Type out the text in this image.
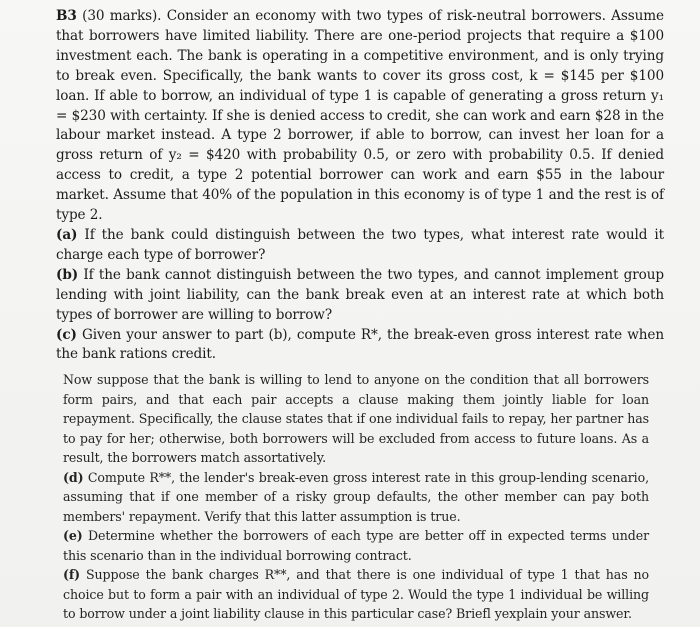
B3 (30 marks). Consider an economy with two types of risk-neutral borrowers. Assume that borrowers have limited liability. There are one-period projects that require a $100 investment each. The bank is operating in a competitive environment, and is only trying to break even. Specifically, the bank wants to cover its gross cost, k = $145 per $100 loan. If able to borrow, an individual of type 1 is capable of generating a gross return y₁ = $230 with certainty. If she is denied access to credit, she can work and earn $28 in the labour market instead. A type 2 borrower, if able to borrow, can invest her loan for a gross return of y₂ = $420 with probability 0.5, or zero with probability 0.5. If denied access to credit, a type 2 potential borrower can work and earn $55 in the labour market. Assume that 40% of the population in this economy is of type 1 and the rest is of type 2.

(a) If the bank could distinguish between the two types, what interest rate would it charge each type of borrower?

(b) If the bank cannot distinguish between the two types, and cannot implement group lending with joint liability, can the bank break even at an interest rate at which both types of borrower are willing to borrow?

(c) Given your answer to part (b), compute R*, the break-even gross interest rate when the bank rations credit.

Now suppose that the bank is willing to lend to anyone on the condition that all borrowers form pairs, and that each pair accepts a clause making them jointly liable for loan repayment. Specifically, the clause states that if one individual fails to repay, her partner has to pay for her; otherwise, both borrowers will be excluded from access to future loans. As a result, the borrowers match assortatively.

(d) Compute R**, the lender's break-even gross interest rate in this group-lending scenario, assuming that if one member of a risky group defaults, the other member can pay both members' repayment. Verify that this latter assumption is true.

(e) Determine whether the borrowers of each type are better off in expected terms under this scenario than in the individual borrowing contract.

(f) Suppose the bank charges R**, and that there is one individual of type 1 that has no choice but to form a pair with an individual of type 2. Would the type 1 individual be willing to borrow under a joint liability clause in this particular case? Briefl yexplain your answer.
